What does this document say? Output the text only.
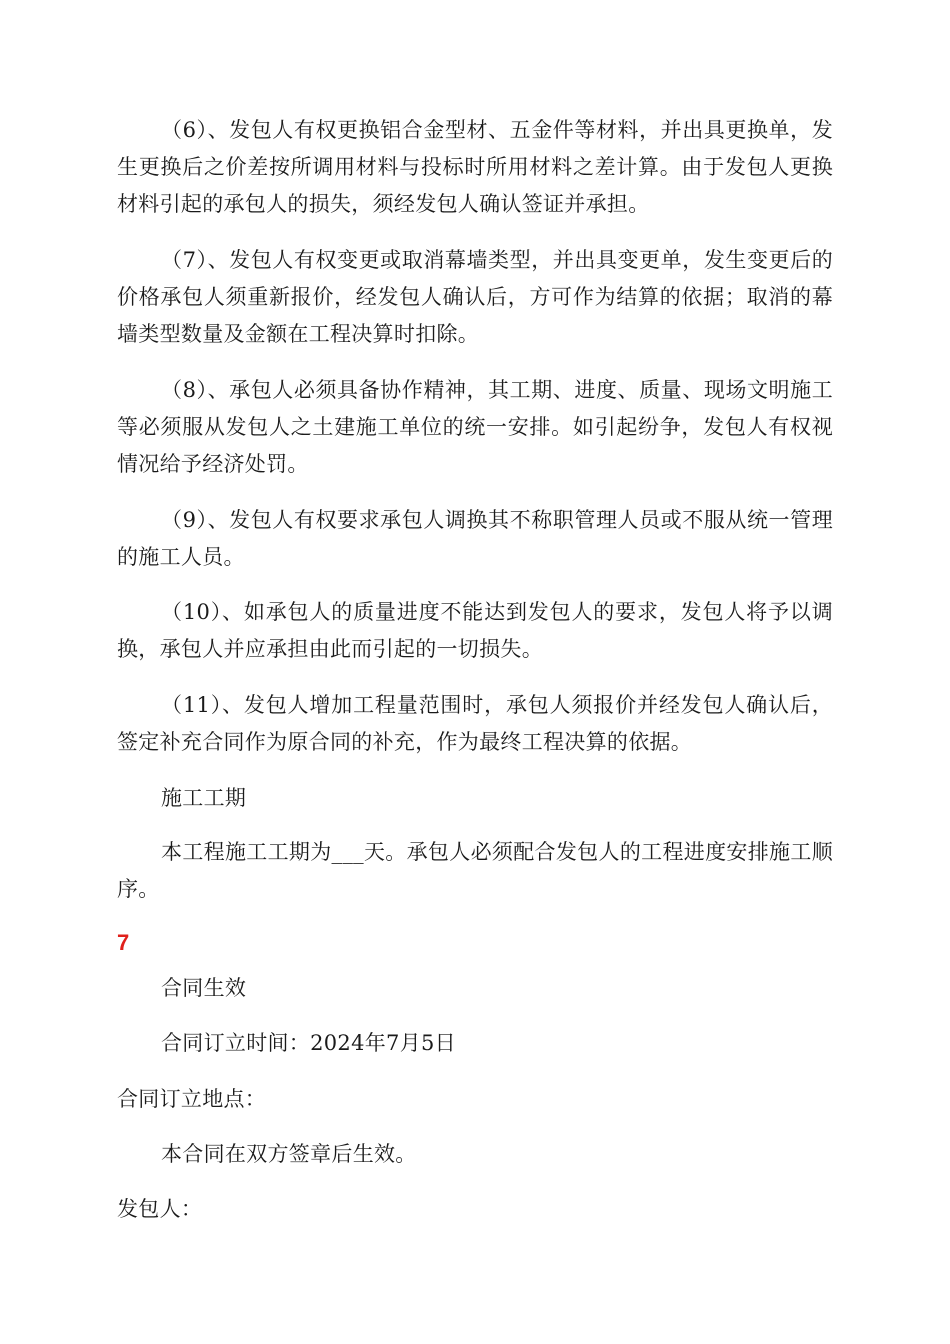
（6）、发包人有权更换铝合金型材、五金件等材料，并出具更换单，发生更换后之价差按所调用材料与投标时所用材料之差计算。由于发包人更换材料引起的承包人的损失，须经发包人确认签证并承担。

（7）、发包人有权变更或取消幕墙类型，并出具变更单，发生变更后的价格承包人须重新报价，经发包人确认后，方可作为结算的依据；取消的幕墙类型数量及金额在工程决算时扣除。

（8）、承包人必须具备协作精神，其工期、进度、质量、现场文明施工等必须服从发包人之土建施工单位的统一安排。如引起纷争，发包人有权视情况给予经济处罚。

（9）、发包人有权要求承包人调换其不称职管理人员或不服从统一管理的施工人员。

（10）、如承包人的质量进度不能达到发包人的要求，发包人将予以调换，承包人并应承担由此而引起的一切损失。

（11）、发包人增加工程量范围时，承包人须报价并经发包人确认后，签定补充合同作为原合同的补充，作为最终工程决算的依据。

施工工期

本工程施工工期为___天。承包人必须配合发包人的工程进度安排施工顺序。

7

合同生效

合同订立时间：2024年7月5日

合同订立地点：

本合同在双方签章后生效。

发包人：
